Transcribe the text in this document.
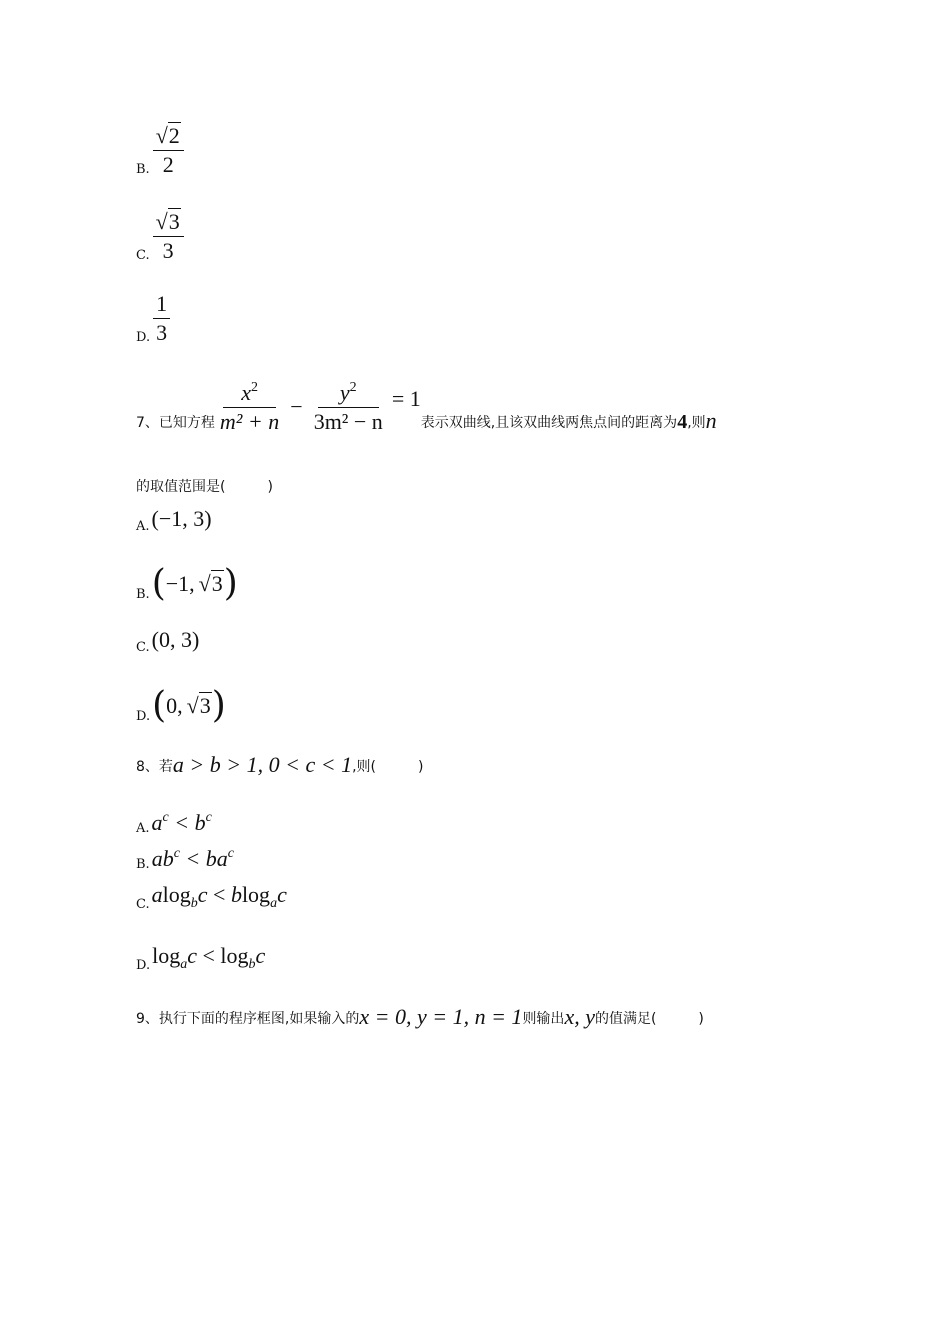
B. $\frac{√2}{2}$
C. $\frac{√3}{3}$
D. $\frac{1}{3}$
7、已知方程 $\frac{x^2}{\text{m² + n}} - \frac{y^2}{\text{3m² − n}} = 1$
表示双曲线,且该双曲线两焦点间的距离为 4 ,则 n
的取值范围是(　　　)
A. (−1, 3)
B. ( −1, √3 )
C. (0, 3)
D. ( 0, √3 )
8、若 a > b > 1, 0 < c < 1 ,则(　　　)
A. $a^c < b^c$
B. $ab^c < ba^c$
C. alog$_b$c < blog$_a$c
D. $\log_ac < \log_bc$
9、执行下面的程序框图,如果输入的 x = 0, y = 1, n = 1 则输出 x, y 的值满足(　　　)
